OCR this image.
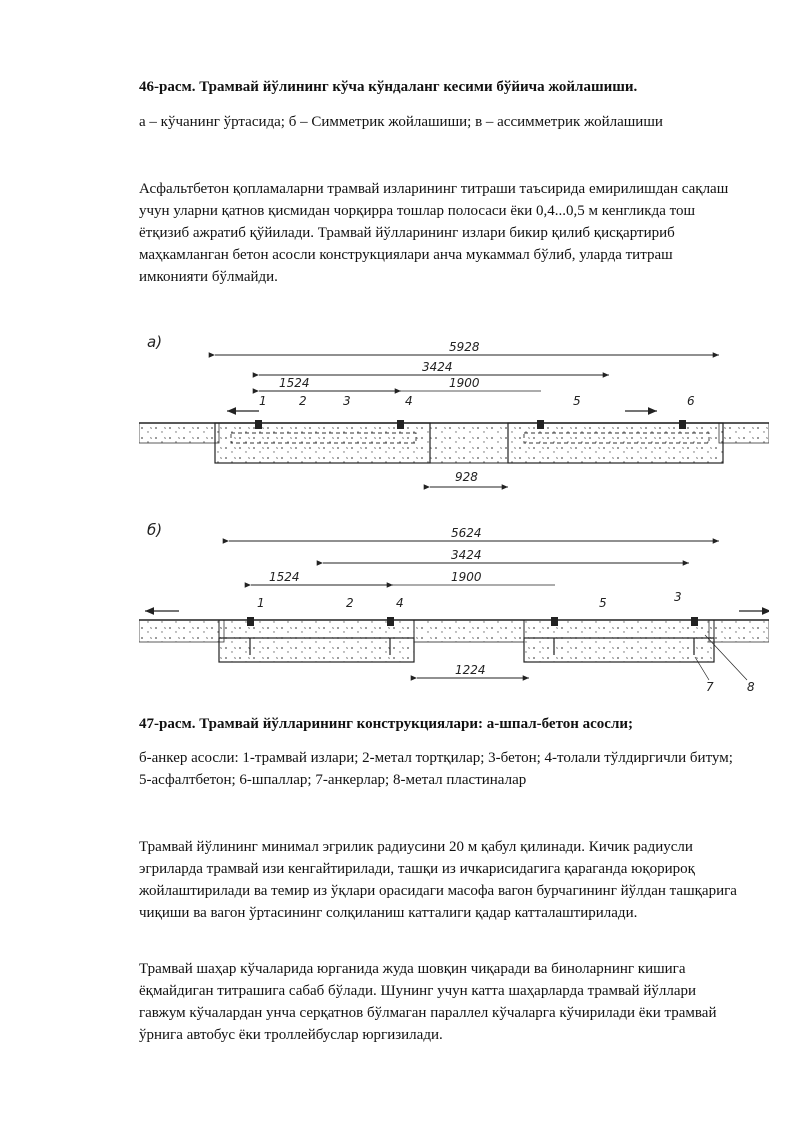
46-расм. Трамвай йўлининг кўча кўндаланг кесими бўйича жойлашиши.

а – кўчанинг ўртасида; б – Симметрик жойлашиши; в – ассимметрик жойлашиши

Асфальтбетон қопламаларни трамвай изларининг титраши таъсирида емирилишдан сақлаш учун уларни қатнов қисмидан чорқирра тошлар полосаси ёки 0,4...0,5 м кенгликда тош ётқизиб ажратиб қўйилади. Трамвай йўлларининг излари бикир қилиб қисқартириб маҳкамланган бетон асосли конструкциялари анча мукаммал бўлиб, уларда титраш имконияти бўлмайди.

a)	5928
3424
1524	1900
928
1	2	3	4	5	6
б)	5624
3424
1524	1900
1224
1	2	4	5	3
7	8

47-расм. Трамвай йўлларининг конструкциялари: а-шпал-бетон асосли;

б-анкер асосли: 1-трамвай излари; 2-метал тортқилар; 3-бетон; 4-толали тўлдиргичли битум; 5-асфалтбетон; 6-шпаллар; 7-анкерлар; 8-метал пластиналар

Трамвай йўлининг минимал эгрилик радиусини 20 м қабул қилинади. Кичик радиусли эгриларда трамвай изи кенгайтирилади, ташқи из ичкарисидагига қараганда юқорироқ жойлаштирилади ва темир из ўқлари орасидаги масофа вагон бурчагининг йўлдан ташқарига чиқиши ва вагон ўртасининг солқиланиш катталиги қадар катталаштирилади.

Трамвай шаҳар кўчаларида юрганида жуда шовқин чиқаради ва биноларнинг кишига ёқмайдиган титрашига сабаб бўлади. Шунинг учун катта шаҳарларда трамвай йўллари гавжум кўчалардан унча серқатнов бўлмаган параллел кўчаларга кўчирилади ёки трамвай ўрнига автобус ёки троллейбуслар юргизилади.
